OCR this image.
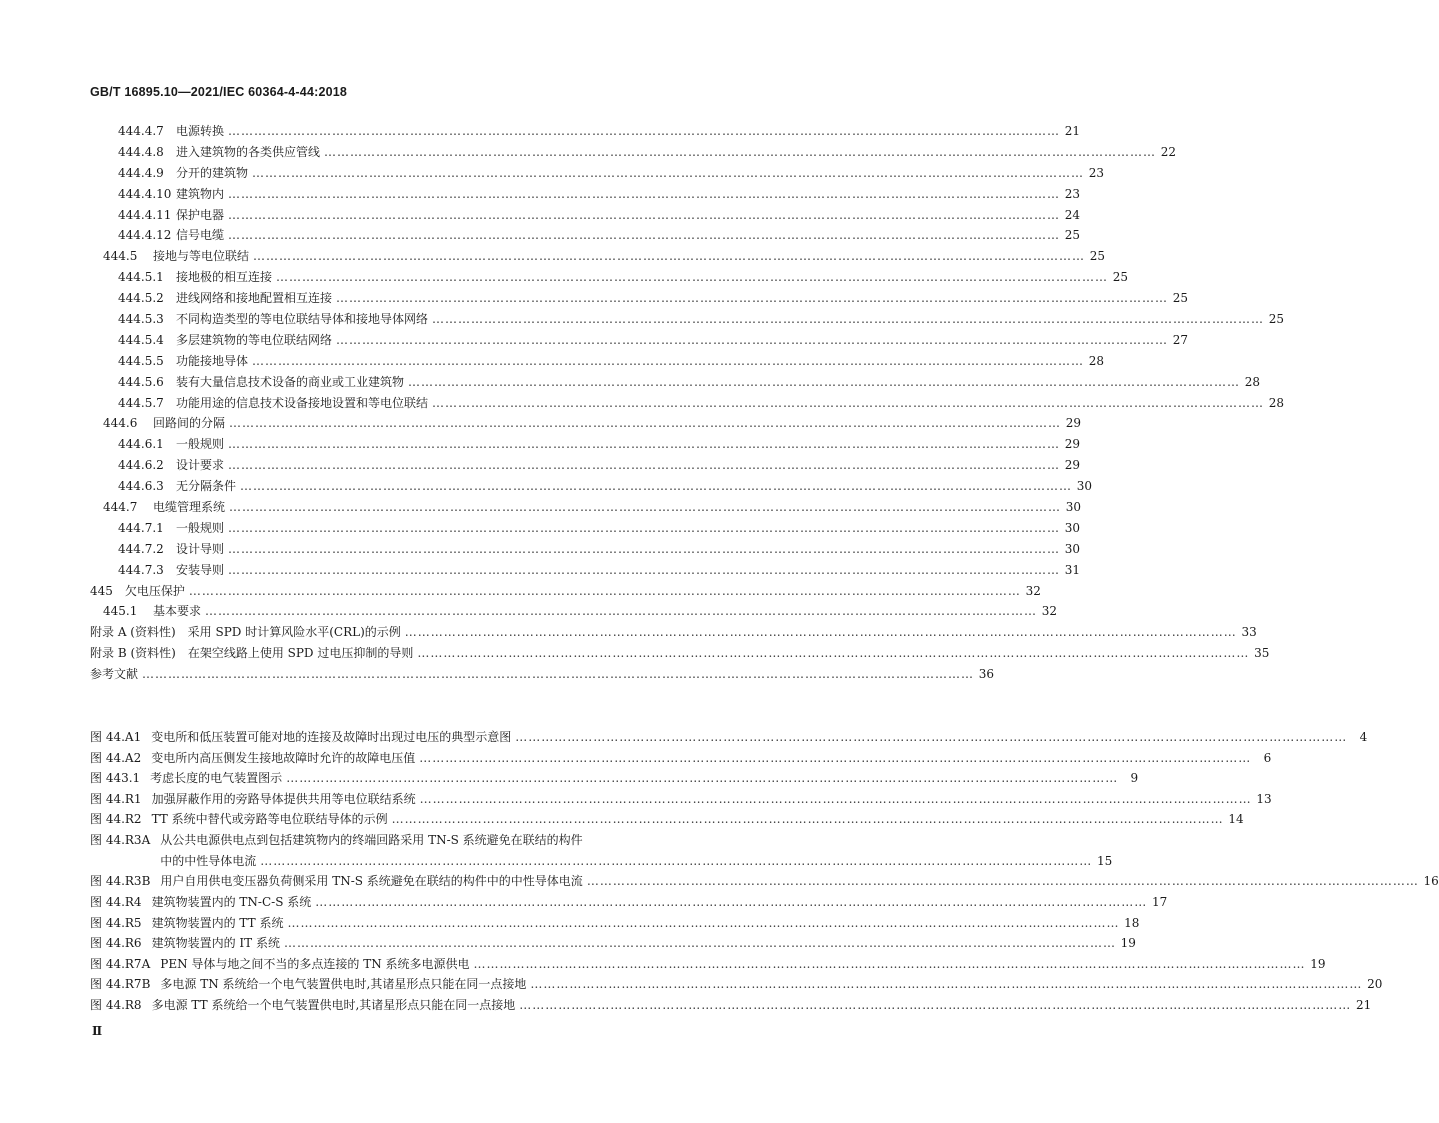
GB/T 16895.10—2021/IEC 60364-4-44:2018
444.4.7	电源转换 …………………………………………………………………………………………………………………………………………………………………………	21
444.4.8	进入建筑物的各类供应管线 …………………………………………………………………………………………………………………………………………………………………………	22
444.4.9	分开的建筑物 …………………………………………………………………………………………………………………………………………………………………………	23
444.4.10 建筑物内 …………………………………………………………………………………………………………………………………………………………………………	23
444.4.11 保护电器 …………………………………………………………………………………………………………………………………………………………………………	24
444.4.12 信号电缆 …………………………………………………………………………………………………………………………………………………………………………	25
444.5	接地与等电位联结 …………………………………………………………………………………………………………………………………………………………………………	25
444.5.1	接地极的相互连接 …………………………………………………………………………………………………………………………………………………………………………	25
444.5.2	进线网络和接地配置相互连接 …………………………………………………………………………………………………………………………………………………………………………	25
444.5.3	不同构造类型的等电位联结导体和接地导体网络 …………………………………………………………………………………………………………………………………………………………………………	25
444.5.4	多层建筑物的等电位联结网络 …………………………………………………………………………………………………………………………………………………………………………	27
444.5.5	功能接地导体 …………………………………………………………………………………………………………………………………………………………………………	28
444.5.6	装有大量信息技术设备的商业或工业建筑物 …………………………………………………………………………………………………………………………………………………………………………	28
444.5.7	功能用途的信息技术设备接地设置和等电位联结 …………………………………………………………………………………………………………………………………………………………………………	28
444.6	回路间的分隔 …………………………………………………………………………………………………………………………………………………………………………	29
444.6.1	一般规则 …………………………………………………………………………………………………………………………………………………………………………	29
444.6.2	设计要求 …………………………………………………………………………………………………………………………………………………………………………	29
444.6.3	无分隔条件 …………………………………………………………………………………………………………………………………………………………………………	30
444.7	电缆管理系统 …………………………………………………………………………………………………………………………………………………………………………	30
444.7.1	一般规则 …………………………………………………………………………………………………………………………………………………………………………	30
444.7.2	设计导则 …………………………………………………………………………………………………………………………………………………………………………	30
444.7.3	安装导则 …………………………………………………………………………………………………………………………………………………………………………	31
445 欠电压保护 …………………………………………………………………………………………………………………………………………………………………………	32
445.1	基本要求 …………………………………………………………………………………………………………………………………………………………………………	32
附录 A (资料性) 采用 SPD 时计算风险水平(CRL)的示例 …………………………………………………………………………………………………………………………………………………………………………	33
附录 B (资料性) 在架空线路上使用 SPD 过电压抑制的导则 …………………………………………………………………………………………………………………………………………………………………………	35
参考文献 …………………………………………………………………………………………………………………………………………………………………………	36
图 44.A1 变电所和低压装置可能对地的连接及故障时出现过电压的典型示意图 …………………………………………………………………………………………………………………………………………………………………………	4
图 44.A2 变电所内高压侧发生接地故障时允许的故障电压值 …………………………………………………………………………………………………………………………………………………………………………	6
图 443.1 考虑长度的电气装置图示 …………………………………………………………………………………………………………………………………………………………………………	9
图 44.R1 加强屏蔽作用的旁路导体提供共用等电位联结系统 …………………………………………………………………………………………………………………………………………………………………………	13
图 44.R2 TT 系统中替代或旁路等电位联结导体的示例 …………………………………………………………………………………………………………………………………………………………………………	14
图 44.R3A 从公共电源供电点到包括建筑物内的终端回路采用 TN-S 系统避免在联结的构件
中的中性导体电流 …………………………………………………………………………………………………………………………………………………………………………	15
图 44.R3B 用户自用供电变压器负荷侧采用 TN-S 系统避免在联结的构件中的中性导体电流 …………………………………………………………………………………………………………………………………………………………………………	16
图 44.R4 建筑物装置内的 TN-C-S 系统 …………………………………………………………………………………………………………………………………………………………………………	17
图 44.R5 建筑物装置内的 TT 系统 …………………………………………………………………………………………………………………………………………………………………………	18
图 44.R6 建筑物装置内的 IT 系统 …………………………………………………………………………………………………………………………………………………………………………	19
图 44.R7A PEN 导体与地之间不当的多点连接的 TN 系统多电源供电 …………………………………………………………………………………………………………………………………………………………………………	19
图 44.R7B 多电源 TN 系统给一个电气装置供电时,其诸星形点只能在同一点接地 …………………………………………………………………………………………………………………………………………………………………………	20
图 44.R8 多电源 TT 系统给一个电气装置供电时,其诸星形点只能在同一点接地 …………………………………………………………………………………………………………………………………………………………………………	21
Ⅱ
